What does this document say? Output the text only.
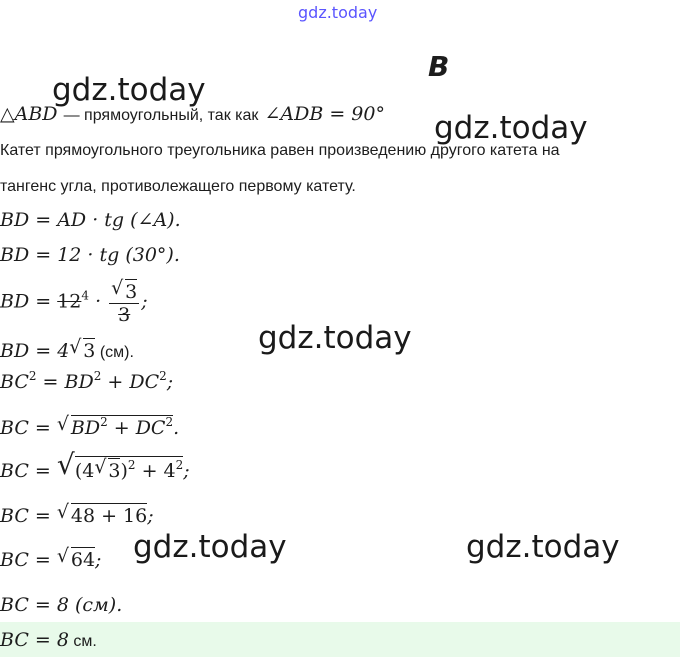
gdz.today
В
gdz.today
gdz.today
gdz.today
gdz.today	gdz.today
△ABD — прямоугольный, так как ∠ADB = 90°
Катет прямоугольного треугольника равен произведению другого катета на
тангенс угла, противолежащего первому катету.
BD = AD · tg (∠A).
BD = 12 · tg (30°).
BD = $12^4 \cdot \frac{√ 3}{3}$ ;
BD = 4 √ 3 (см).
$BC^2 = BD^2 + DC^2$;
BC = √ $BD^2 + DC^2$.
BC = √ (4 √ $3)^2 + 4^2$;
BC = √ 48 + 16;
BC = √ 64;
BC = 8 (см).
BC = 8 см.
